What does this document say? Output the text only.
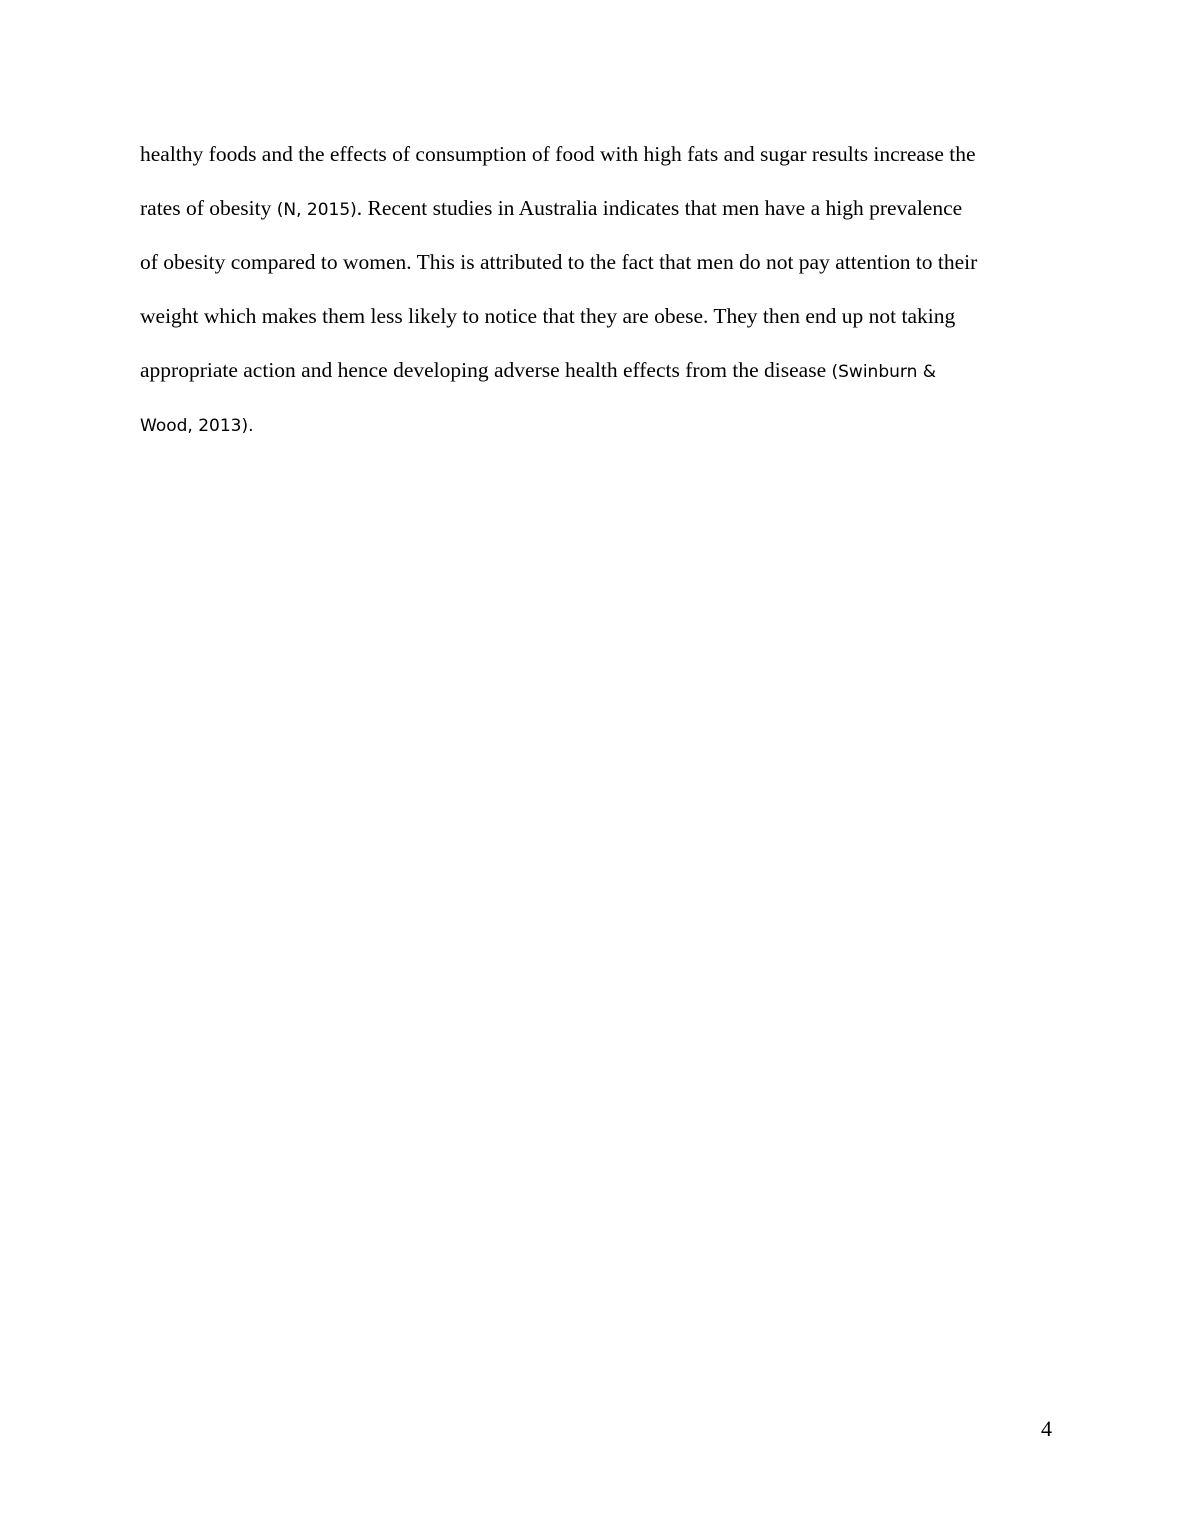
healthy foods and the effects of consumption of food with high fats and sugar results increase the
rates of obesity (N, 2015). Recent studies in Australia indicates that men have a high prevalence
of obesity compared to women. This is attributed to the fact that men do not pay attention to their
weight which makes them less likely to notice that they are obese. They then end up not taking
appropriate action and hence developing adverse health effects from the disease (Swinburn &
Wood, 2013).
4
